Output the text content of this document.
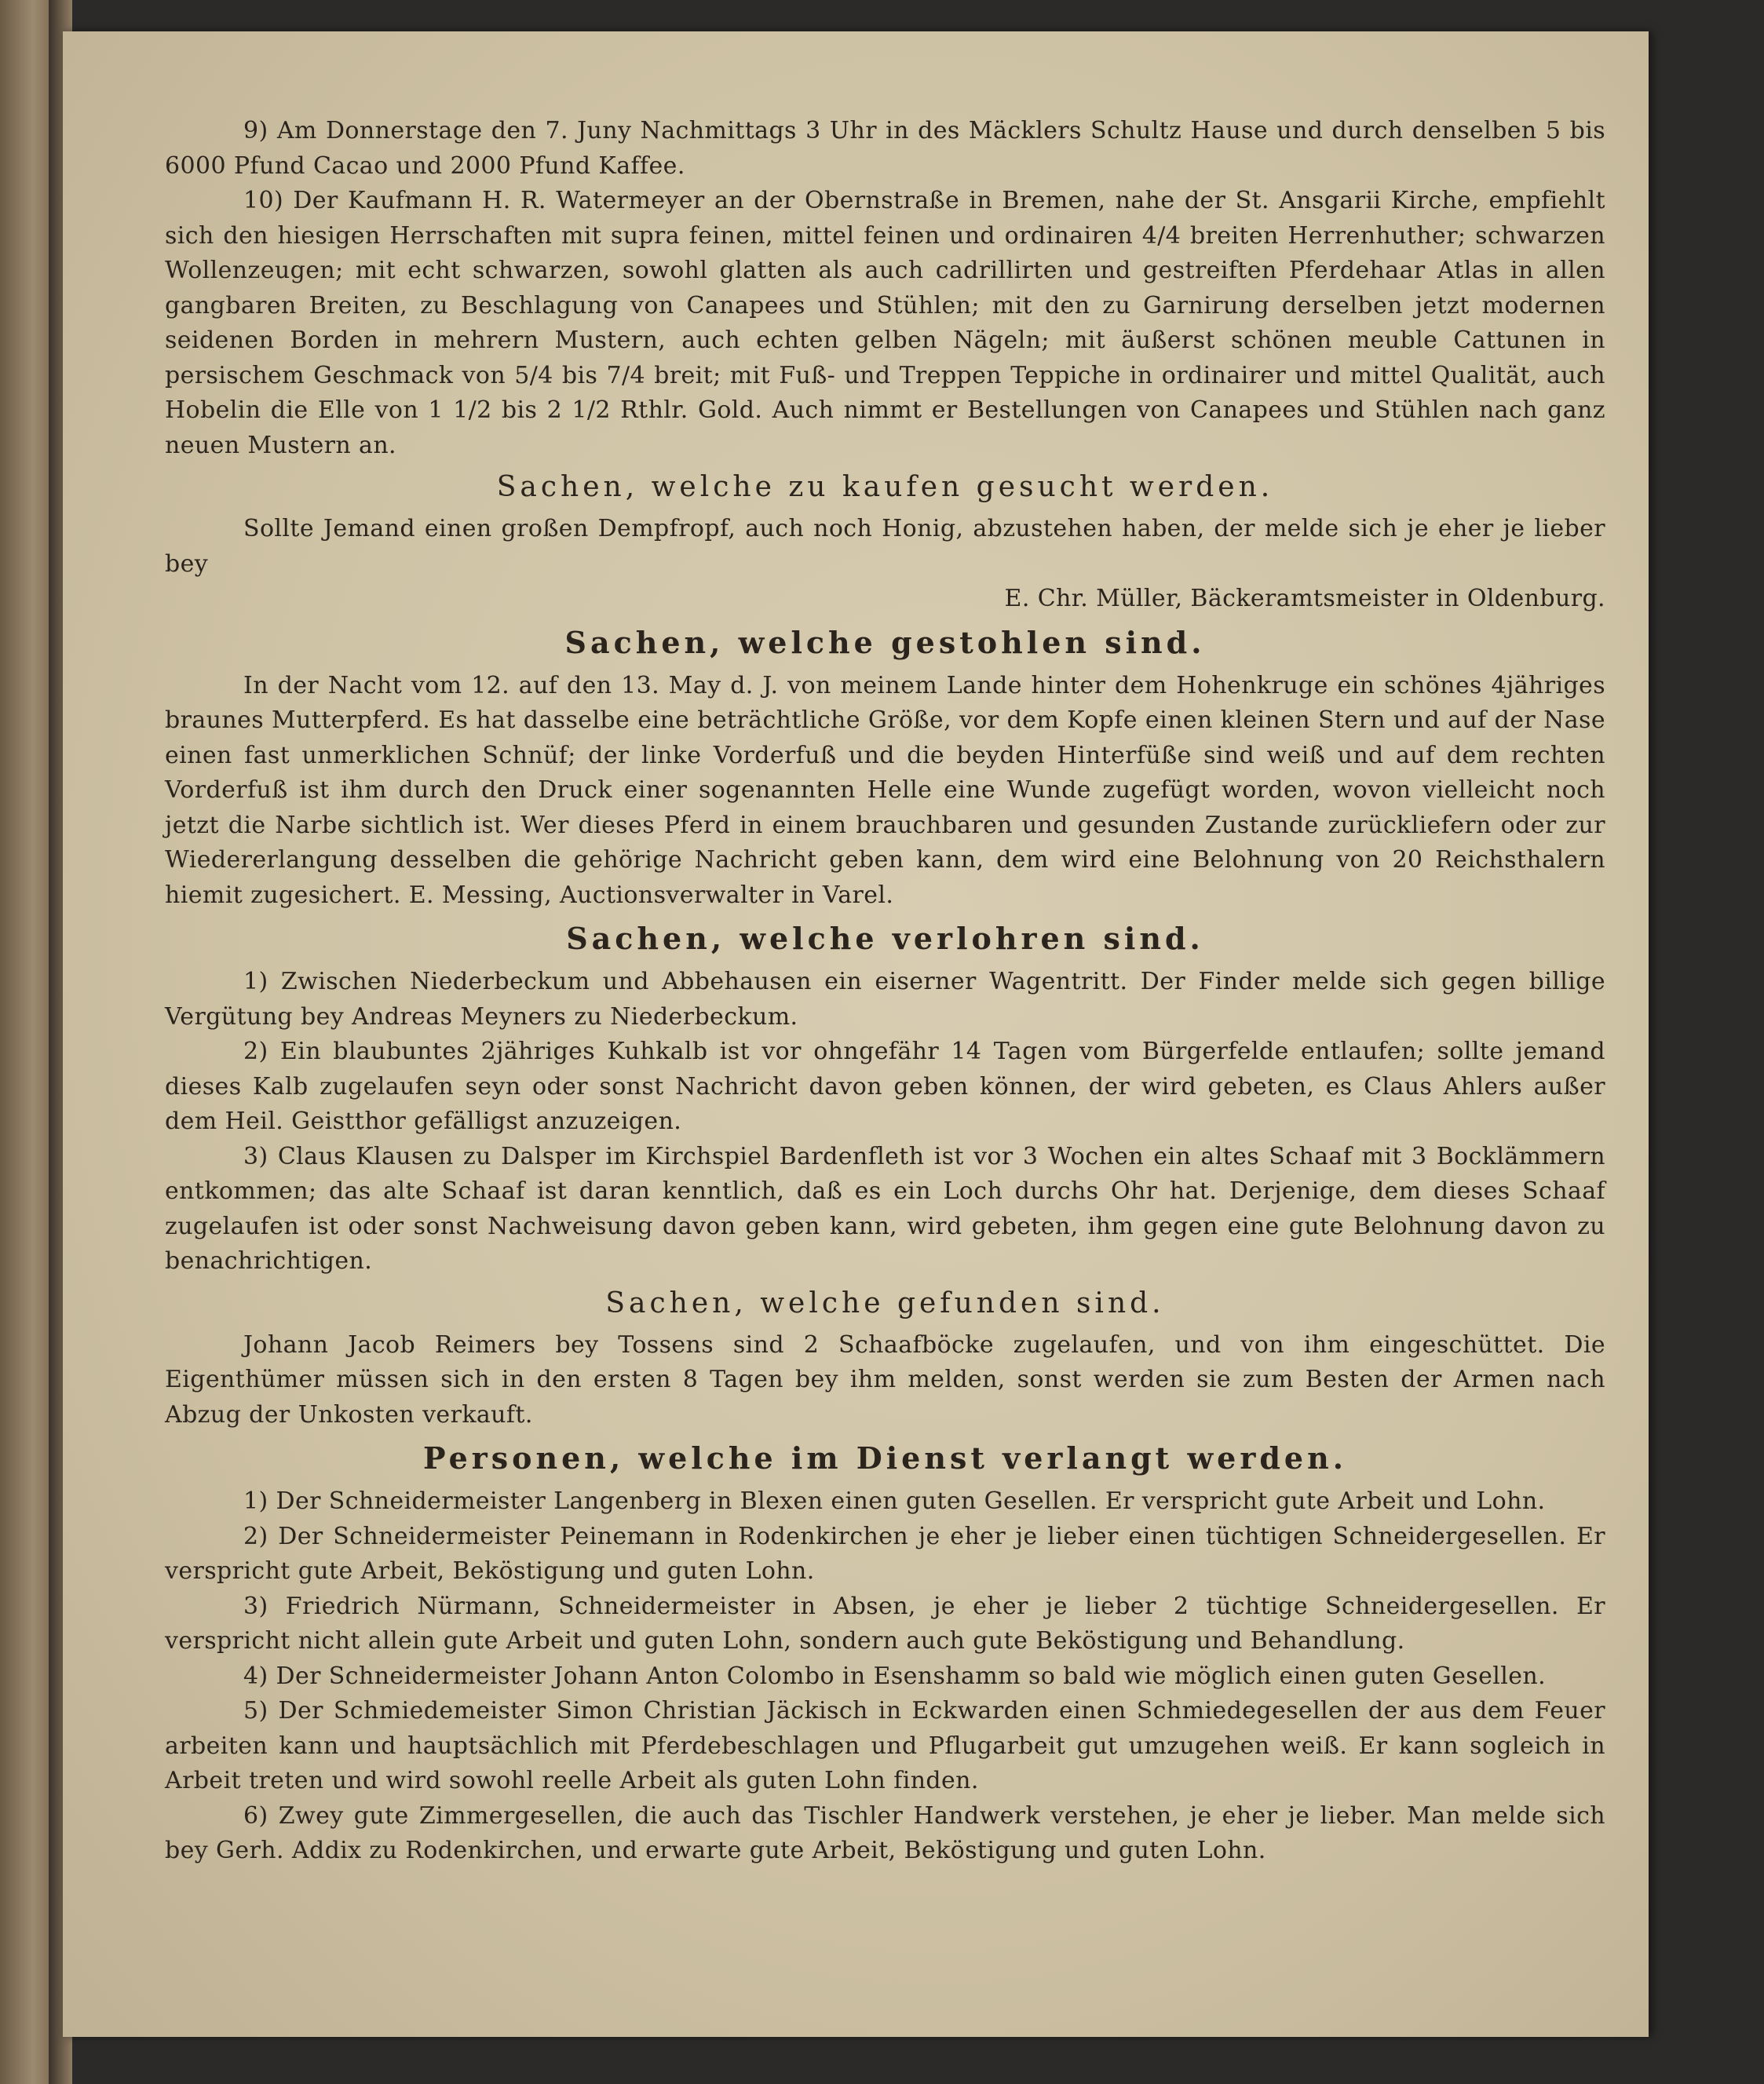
9) Am Donnerstage den 7. Juny Nachmittags 3 Uhr in des Mäcklers Schultz Hause und durch denselben 5 bis 6000 Pfund Cacao und 2000 Pfund Kaffee.

10) Der Kaufmann H. R. Watermeyer an der Obernstraße in Bremen, nahe der St. Ansgarii Kirche, empfiehlt sich den hiesigen Herrschaften mit supra feinen, mittel feinen und ordinairen 4/4 breiten Herrenhuther; schwarzen Wollenzeugen; mit echt schwarzen, sowohl glatten als auch cadrillirten und gestreiften Pferdehaar Atlas in allen gangbaren Breiten, zu Beschlagung von Canapees und Stühlen; mit den zu Garnirung derselben jetzt modernen seidenen Borden in mehrern Mustern, auch echten gelben Nägeln; mit äußerst schönen meuble Cattunen in persischem Geschmack von 5/4 bis 7/4 breit; mit Fuß- und Treppen Teppiche in ordinairer und mittel Qualität, auch Hobelin die Elle von 1 1/2 bis 2 1/2 Rthlr. Gold. Auch nimmt er Bestellungen von Canapees und Stühlen nach ganz neuen Mustern an.

Sachen, welche zu kaufen gesucht werden.

Sollte Jemand einen großen Dempfropf, auch noch Honig, abzustehen haben, der melde sich je eher je lieber bey

E. Chr. Müller, Bäckeramtsmeister in Oldenburg.

Sachen, welche gestohlen sind.

In der Nacht vom 12. auf den 13. May d. J. von meinem Lande hinter dem Hohenkruge ein schönes 4jähriges braunes Mutterpferd. Es hat dasselbe eine beträchtliche Größe, vor dem Kopfe einen kleinen Stern und auf der Nase einen fast unmerklichen Schnüf; der linke Vorderfuß und die beyden Hinterfüße sind weiß und auf dem rechten Vorderfuß ist ihm durch den Druck einer sogenannten Helle eine Wunde zugefügt worden, wovon vielleicht noch jetzt die Narbe sichtlich ist. Wer dieses Pferd in einem brauchbaren und gesunden Zustande zurückliefern oder zur Wiedererlangung desselben die gehörige Nachricht geben kann, dem wird eine Belohnung von 20 Reichsthalern hiemit zugesichert. E. Messing, Auctionsverwalter in Varel.

Sachen, welche verlohren sind.

1) Zwischen Niederbeckum und Abbehausen ein eiserner Wagentritt. Der Finder melde sich gegen billige Vergütung bey Andreas Meyners zu Niederbeckum.

2) Ein blaubuntes 2jähriges Kuhkalb ist vor ohngefähr 14 Tagen vom Bürgerfelde entlaufen; sollte jemand dieses Kalb zugelaufen seyn oder sonst Nachricht davon geben können, der wird gebeten, es Claus Ahlers außer dem Heil. Geistthor gefälligst anzuzeigen.

3) Claus Klausen zu Dalsper im Kirchspiel Bardenfleth ist vor 3 Wochen ein altes Schaaf mit 3 Bocklämmern entkommen; das alte Schaaf ist daran kenntlich, daß es ein Loch durchs Ohr hat. Derjenige, dem dieses Schaaf zugelaufen ist oder sonst Nachweisung davon geben kann, wird gebeten, ihm gegen eine gute Belohnung davon zu benachrichtigen.

Sachen, welche gefunden sind.

Johann Jacob Reimers bey Tossens sind 2 Schaafböcke zugelaufen, und von ihm eingeschüttet. Die Eigenthümer müssen sich in den ersten 8 Tagen bey ihm melden, sonst werden sie zum Besten der Armen nach Abzug der Unkosten verkauft.

Personen, welche im Dienst verlangt werden.

1) Der Schneidermeister Langenberg in Blexen einen guten Gesellen. Er verspricht gute Arbeit und Lohn.

2) Der Schneidermeister Peinemann in Rodenkirchen je eher je lieber einen tüchtigen Schneidergesellen. Er verspricht gute Arbeit, Beköstigung und guten Lohn.

3) Friedrich Nürmann, Schneidermeister in Absen, je eher je lieber 2 tüchtige Schneidergesellen. Er verspricht nicht allein gute Arbeit und guten Lohn, sondern auch gute Beköstigung und Behandlung.

4) Der Schneidermeister Johann Anton Colombo in Esenshamm so bald wie möglich einen guten Gesellen.

5) Der Schmiedemeister Simon Christian Jäckisch in Eckwarden einen Schmiedegesellen der aus dem Feuer arbeiten kann und hauptsächlich mit Pferdebeschlagen und Pflugarbeit gut umzugehen weiß. Er kann sogleich in Arbeit treten und wird sowohl reelle Arbeit als guten Lohn finden.

6) Zwey gute Zimmergesellen, die auch das Tischler Handwerk verstehen, je eher je lieber. Man melde sich bey Gerh. Addix zu Rodenkirchen, und erwarte gute Arbeit, Beköstigung und guten Lohn.
